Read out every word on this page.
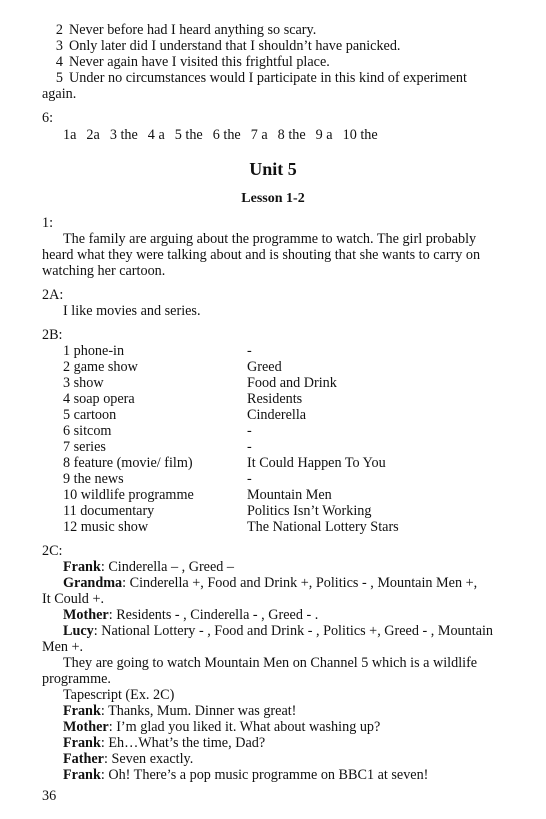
2 Never before had I heard anything so scary.
3 Only later did I understand that I shouldn’t have panicked.
4 Never again have I visited this frightful place.
5 Under no circumstances would I participate in this kind of experiment
again.
6:
1a 2a 3 the 4 a 5 the 6 the 7 a 8 the 9 a 10 the
Unit 5
Lesson 1-2
1:
The family are arguing about the programme to watch. The girl probably
heard what they were talking about and is shouting that she wants to carry on
watching her cartoon.
2A:
I like movies and series.
2B:
1 phone-in	-
2 game show	Greed
3 show	Food and Drink
4 soap opera	Residents
5 cartoon	Cinderella
6 sitcom	-
7 series	-
8 feature (movie/ film)	It Could Happen To You
9 the news	-
10 wildlife programme	Mountain Men
11 documentary	Politics Isn’t Working
12 music show	The National Lottery Stars
2C:
Frank: Cinderella – , Greed –
Grandma: Cinderella +, Food and Drink +, Politics - , Mountain Men +,
It Could +.
Mother: Residents - , Cinderella - , Greed - .
Lucy: National Lottery - , Food and Drink - , Politics +, Greed - , Mountain
Men +.
They are going to watch Mountain Men on Channel 5 which is a wildlife
programme.
Tapescript (Ex. 2C)
Frank: Thanks, Mum. Dinner was great!
Mother: I’m glad you liked it. What about washing up?
Frank: Eh…What’s the time, Dad?
Father: Seven exactly.
Frank: Oh! There’s a pop music programme on BBC1 at seven!
36
